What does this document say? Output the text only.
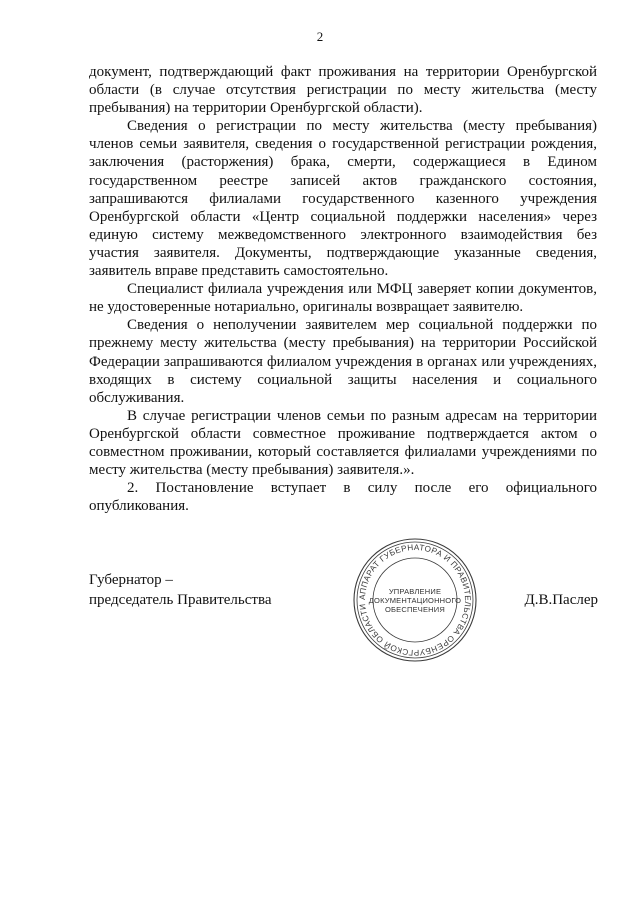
2

документ, подтверждающий факт проживания на территории Оренбургской области (в случае отсутствия регистрации по месту жительства (месту пребывания) на территории Оренбургской области).

Сведения о регистрации по месту жительства (месту пребывания) членов семьи заявителя, сведения о государственной регистрации рождения, заключения (расторжения) брака, смерти, содержащиеся в Едином государственном реестре записей актов гражданского состояния, запрашиваются филиалами государственного казенного учреждения Оренбургской области «Центр социальной поддержки населения» через единую систему межведомственного электронного взаимодействия без участия заявителя. Документы, подтверждающие указанные сведения, заявитель вправе представить самостоятельно.

Специалист филиала учреждения или МФЦ заверяет копии документов, не удостоверенные нотариально, оригиналы возвращает заявителю.

Сведения о неполучении заявителем мер социальной поддержки по прежнему месту жительства (месту пребывания) на территории Российской Федерации запрашиваются филиалом учреждения в органах или учреждениях, входящих в систему социальной защиты населения и социального обслуживания.

В случае регистрации членов семьи по разным адресам на территории Оренбургской области совместное проживание подтверждается актом о совместном проживании, который составляется филиалами учреждениями по месту жительства (месту пребывания) заявителя.».

2. Постановление вступает в силу после его официального опубликования.

Губернатор –
председатель Правительства	АППАРАТ ГУБЕРНАТОРА И ПРАВИТЕЛЬСТВА ОРЕНБУРГСКОЙ ОБЛАСТИ
УПРАВЛЕНИЕ
ДОКУМЕНТАЦИОННОГО
ОБЕСПЕЧЕНИЯ
Д.В.Паслер
